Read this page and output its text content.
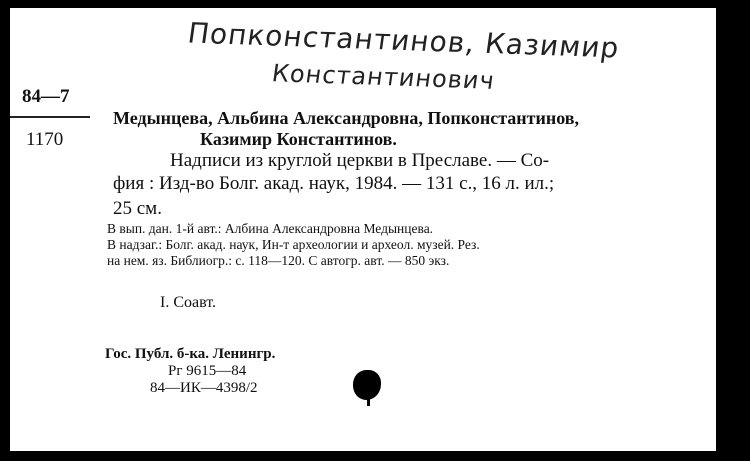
Попконстантинов, Казимир
Константинович
84—7
1170
Медынцева, Альбина Александровна, Попконстантинов,
Казимир Константинов.
Надписи из круглой церкви в Преславе. — Со-
фия : Изд-во Болг. акад. наук, 1984. — 131 с., 16 л. ил.;
25 см.
В вып. дан. 1-й авт.: Албина Александровна Медынцева.
В надзаг.: Болг. акад. наук, Ин-т археологии и археол. музей. Рез.
на нем. яз. Библиогр.: с. 118—120. С автогр. авт. — 850 экз.
I. Соавт.
Гос. Публ. б-ка. Ленингр.
Рг 9615—84
84—ИК—4398/2
